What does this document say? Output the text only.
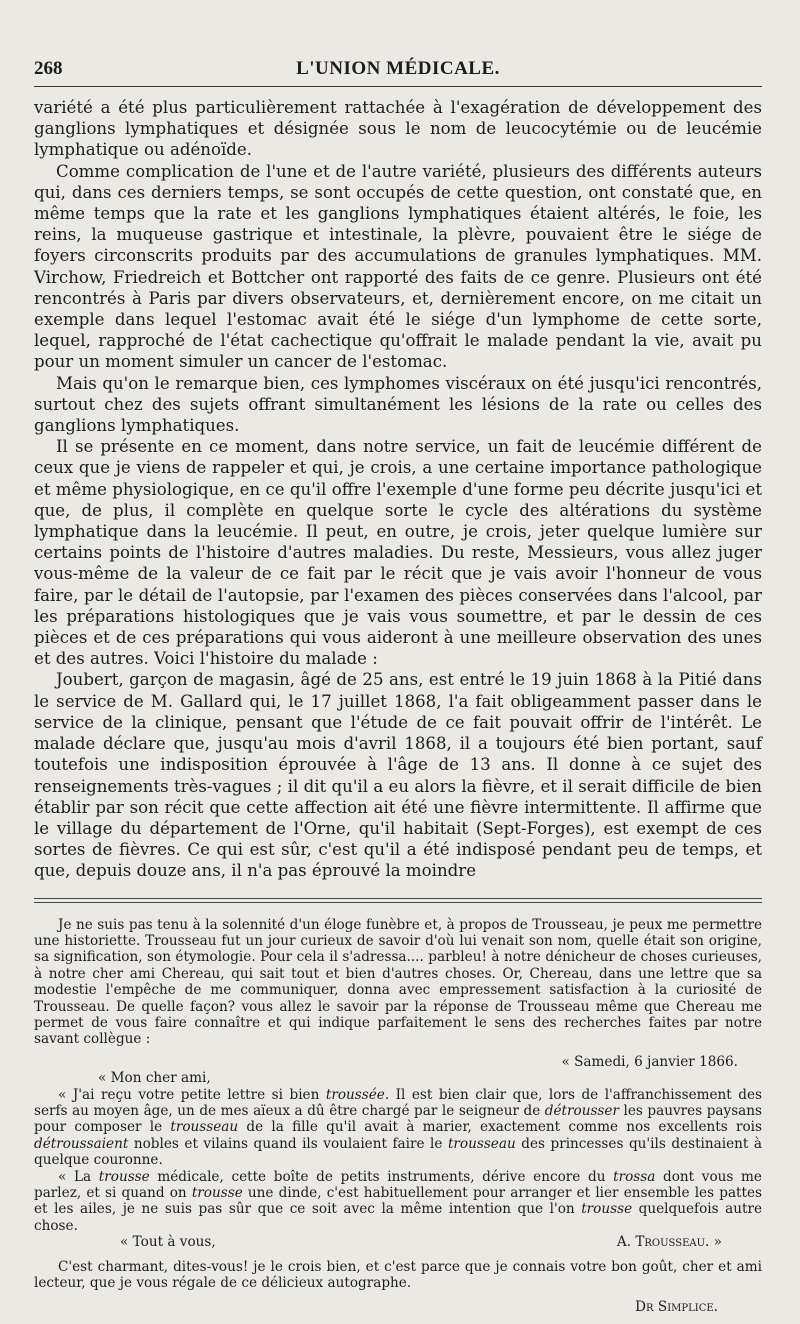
268	L'UNION MÉDICALE.

variété a été plus particulièrement rattachée à l'exagération de développement des ganglions lymphatiques et désignée sous le nom de leucocytémie ou de leucémie lymphatique ou adénoïde.

Comme complication de l'une et de l'autre variété, plusieurs des différents auteurs qui, dans ces derniers temps, se sont occupés de cette question, ont constaté que, en même temps que la rate et les ganglions lymphatiques étaient altérés, le foie, les reins, la muqueuse gastrique et intestinale, la plèvre, pouvaient être le siége de foyers circonscrits produits par des accumulations de granules lymphatiques. MM. Virchow, Friedreich et Bottcher ont rapporté des faits de ce genre. Plusieurs ont été rencontrés à Paris par divers observateurs, et, dernièrement encore, on me citait un exemple dans lequel l'estomac avait été le siége d'un lymphome de cette sorte, lequel, rapproché de l'état cachectique qu'offrait le malade pendant la vie, avait pu pour un moment simuler un cancer de l'estomac.

Mais qu'on le remarque bien, ces lymphomes viscéraux on été jusqu'ici rencontrés, surtout chez des sujets offrant simultanément les lésions de la rate ou celles des ganglions lymphatiques.

Il se présente en ce moment, dans notre service, un fait de leucémie différent de ceux que je viens de rappeler et qui, je crois, a une certaine importance pathologique et même physiologique, en ce qu'il offre l'exemple d'une forme peu décrite jusqu'ici et que, de plus, il complète en quelque sorte le cycle des altérations du système lymphatique dans la leucémie. Il peut, en outre, je crois, jeter quelque lumière sur certains points de l'histoire d'autres maladies. Du reste, Messieurs, vous allez juger vous-même de la valeur de ce fait par le récit que je vais avoir l'honneur de vous faire, par le détail de l'autopsie, par l'examen des pièces conservées dans l'alcool, par les préparations histologiques que je vais vous soumettre, et par le dessin de ces pièces et de ces préparations qui vous aideront à une meilleure observation des unes et des autres. Voici l'histoire du malade :

Joubert, garçon de magasin, âgé de 25 ans, est entré le 19 juin 1868 à la Pitié dans le service de M. Gallard qui, le 17 juillet 1868, l'a fait obligeamment passer dans le service de la clinique, pensant que l'étude de ce fait pouvait offrir de l'intérêt. Le malade déclare que, jusqu'au mois d'avril 1868, il a toujours été bien portant, sauf toutefois une indisposition éprouvée à l'âge de 13 ans. Il donne à ce sujet des renseignements très-vagues ; il dit qu'il a eu alors la fièvre, et il serait difficile de bien établir par son récit que cette affection ait été une fièvre intermittente. Il affirme que le village du département de l'Orne, qu'il habitait (Sept-Forges), est exempt de ces sortes de fièvres. Ce qui est sûr, c'est qu'il a été indisposé pendant peu de temps, et que, depuis douze ans, il n'a pas éprouvé la moindre

Je ne suis pas tenu à la solennité d'un éloge funèbre et, à propos de Trousseau, je peux me permettre une historiette. Trousseau fut un jour curieux de savoir d'où lui venait son nom, quelle était son origine, sa signification, son étymologie. Pour cela il s'adressa.... parbleu! à notre dénicheur de choses curieuses, à notre cher ami Chereau, qui sait tout et bien d'autres choses. Or, Chereau, dans une lettre que sa modestie l'empêche de me communiquer, donna avec empressement satisfaction à la curiosité de Trousseau. De quelle façon? vous allez le savoir par la réponse de Trousseau même que Chereau me permet de vous faire connaître et qui indique parfaitement le sens des recherches faites par notre savant collègue :

« Samedi, 6 janvier 1866.

« Mon cher ami,

« J'ai reçu votre petite lettre si bien troussée. Il est bien clair que, lors de l'affranchissement des serfs au moyen âge, un de mes aïeux a dû être chargé par le seigneur de détrousser les pauvres paysans pour composer le trousseau de la fille qu'il avait à marier, exactement comme nos excellents rois détroussaient nobles et vilains quand ils voulaient faire le trousseau des princesses qu'ils destinaient à quelque couronne.

« La trousse médicale, cette boîte de petits instruments, dérive encore du trossa dont vous me parlez, et si quand on trousse une dinde, c'est habituellement pour arranger et lier ensemble les pattes et les ailes, je ne suis pas sûr que ce soit avec la même intention que l'on trousse quelquefois autre chose.

« Tout à vous,	A. Trousseau. »

C'est charmant, dites-vous! je le crois bien, et c'est parce que je connais votre bon goût, cher et ami lecteur, que je vous régale de ce délicieux autographe.

Dr Simplice.
